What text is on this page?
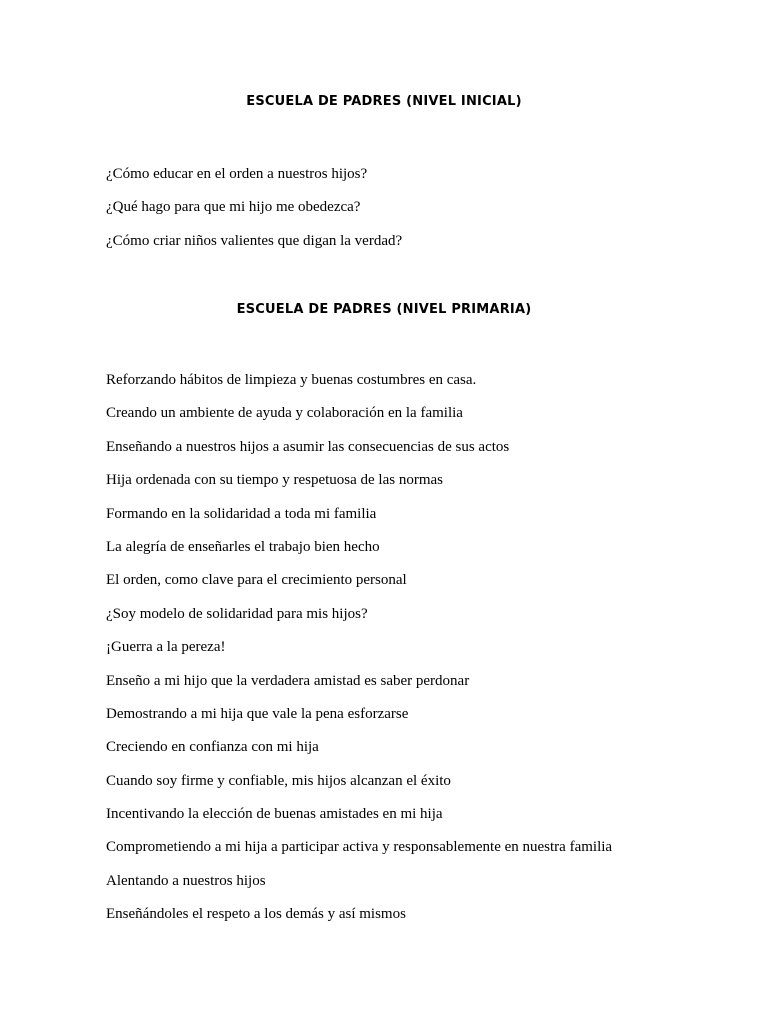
ESCUELA DE PADRES (NIVEL INICIAL)
¿Cómo educar en el orden a nuestros hijos?
¿Qué hago para que mi hijo me obedezca?
¿Cómo criar niños valientes que digan la verdad?
ESCUELA DE PADRES (NIVEL PRIMARIA)
Reforzando hábitos de limpieza y buenas costumbres en casa.
Creando un ambiente de ayuda y colaboración en la familia
Enseñando a nuestros hijos a asumir las consecuencias de sus actos
Hija ordenada con su tiempo y respetuosa de las normas
Formando en la solidaridad a toda mi familia
La alegría de enseñarles el trabajo bien hecho
El orden, como clave para el crecimiento personal
¿Soy modelo de solidaridad para mis hijos?
¡Guerra a la pereza!
Enseño a mi hijo que la verdadera amistad es saber perdonar
Demostrando a mi hija que vale la pena esforzarse
Creciendo en confianza con mi hija
Cuando soy firme y confiable, mis hijos alcanzan el éxito
Incentivando la elección de buenas amistades en mi hija
Comprometiendo a mi hija a participar activa y responsablemente en nuestra familia
Alentando a nuestros hijos
Enseñándoles el respeto a los demás y así mismos
